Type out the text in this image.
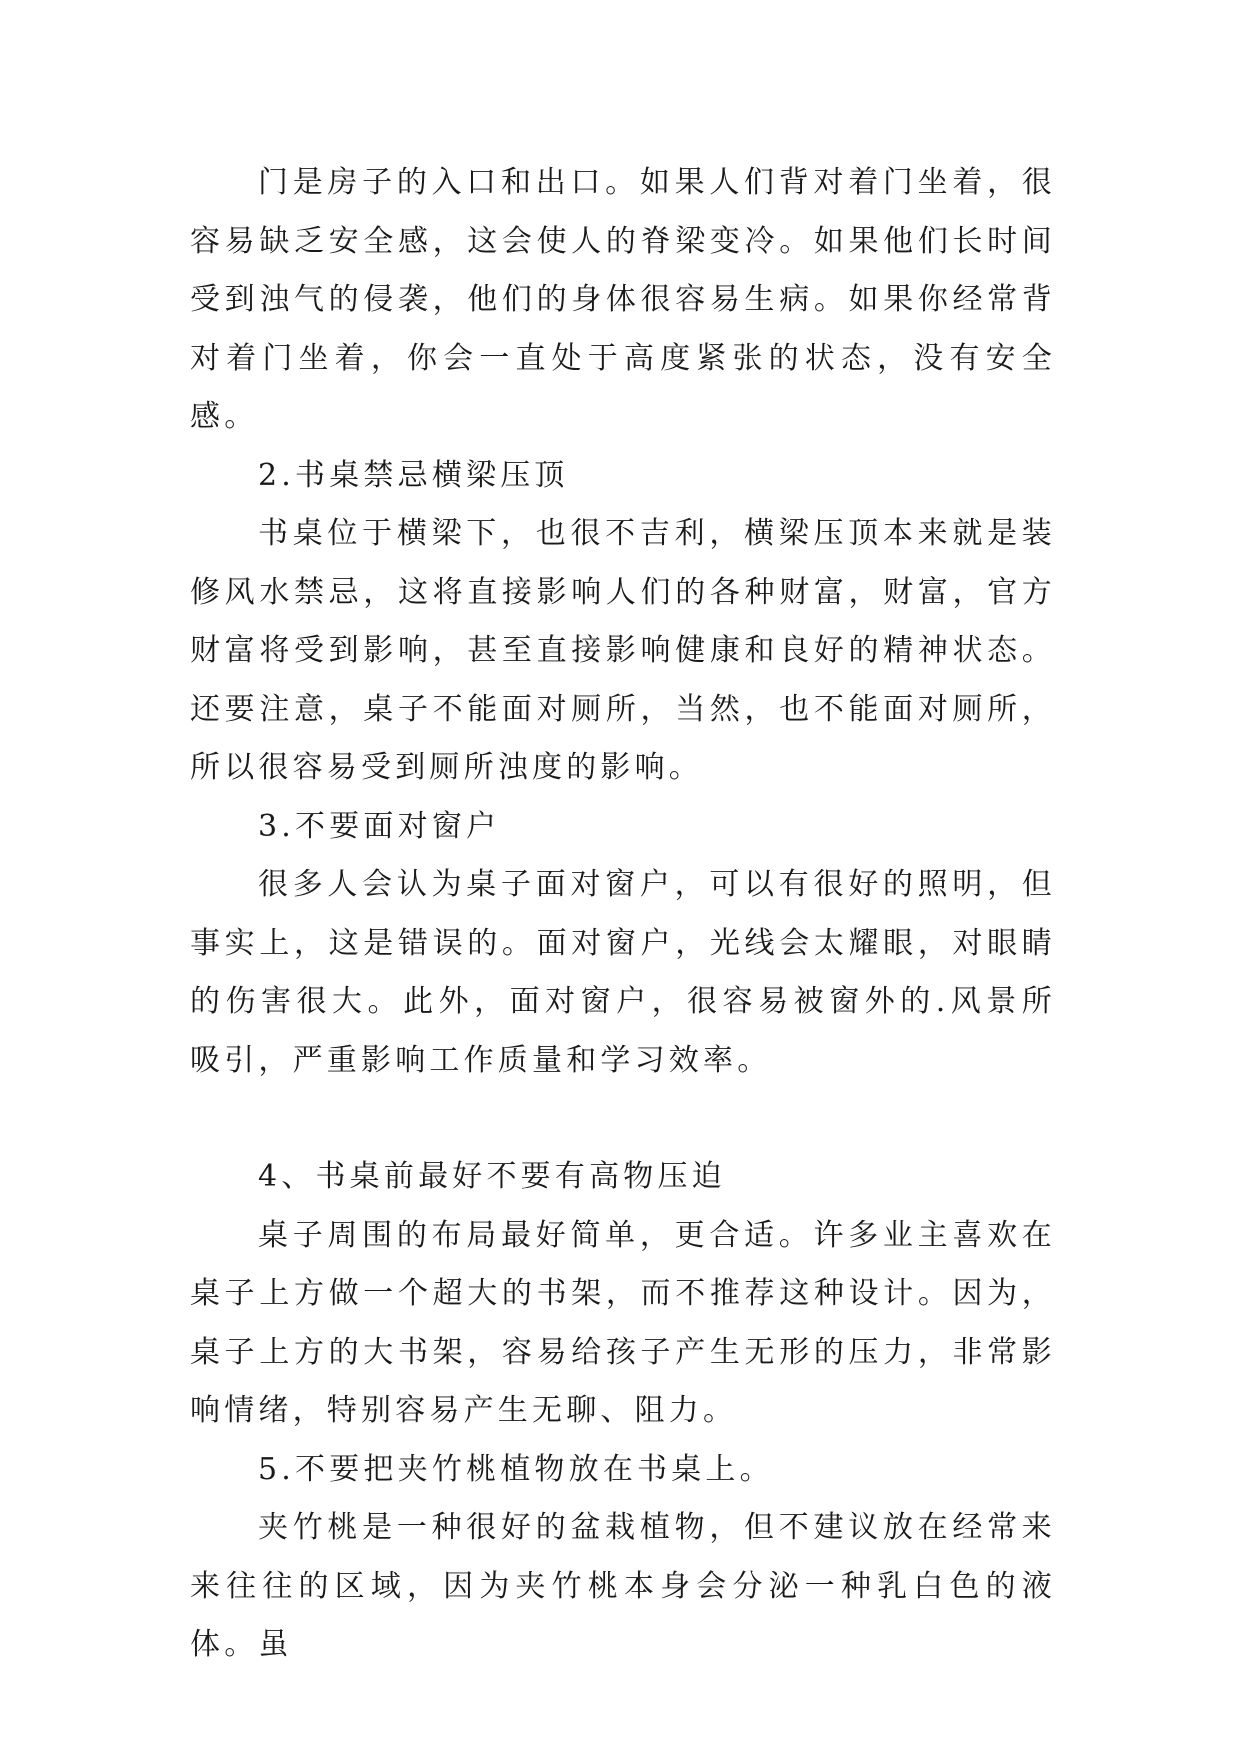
门是房子的入口和出口。如果人们背对着门坐着，很容易缺乏安全感，这会使人的脊梁变冷。如果他们长时间受到浊气的侵袭，他们的身体很容易生病。如果你经常背对着门坐着，你会一直处于高度紧张的状态，没有安全感。

2.书桌禁忌横梁压顶

书桌位于横梁下，也很不吉利，横梁压顶本来就是装修风水禁忌，这将直接影响人们的各种财富，财富，官方财富将受到影响，甚至直接影响健康和良好的精神状态。还要注意，桌子不能面对厕所，当然，也不能面对厕所，所以很容易受到厕所浊度的影响。

3.不要面对窗户

很多人会认为桌子面对窗户，可以有很好的照明，但事实上，这是错误的。面对窗户，光线会太耀眼，对眼睛的伤害很大。此外，面对窗户，很容易被窗外的.风景所吸引，严重影响工作质量和学习效率。

4、书桌前最好不要有高物压迫

桌子周围的布局最好简单，更合适。许多业主喜欢在桌子上方做一个超大的书架，而不推荐这种设计。因为，桌子上方的大书架，容易给孩子产生无形的压力，非常影响情绪，特别容易产生无聊、阻力。

5.不要把夹竹桃植物放在书桌上。

夹竹桃是一种很好的盆栽植物，但不建议放在经常来来往往的区域，因为夹竹桃本身会分泌一种乳白色的液体。虽
